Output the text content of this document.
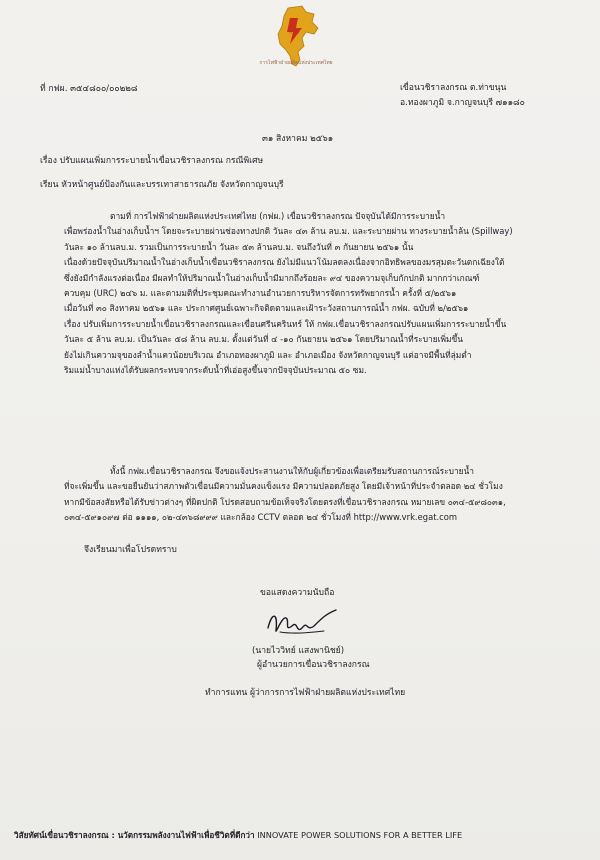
กฟผ
การไฟฟ้าฝ่ายผลิตแห่งประเทศไทย
ที่ กฟผ. ๓๕๔๘๐๐/๐๐๒๒๘	เขื่อนวชิราลงกรณ ต.ท่าขนุน
อ.ทองผาภูมิ จ.กาญจนบุรี ๗๑๑๘๐
๓๑ สิงหาคม ๒๕๖๑
เรื่อง ปรับแผนเพิ่มการระบายน้ำเขื่อนวชิราลงกรณ กรณีพิเศษ
เรียน หัวหน้าศูนย์ป้องกันและบรรเทาสาธารณภัย จังหวัดกาญจนบุรี
ตามที่ การไฟฟ้าฝ่ายผลิตแห่งประเทศไทย (กฟผ.) เขื่อนวชิราลงกรณ ปัจจุบันได้มีการระบายน้ำ
เพื่อพร่องน้ำในอ่างเก็บน้ำฯ โดยจะระบายผ่านช่องทางปกติ วันละ ๔๓ ล้าน ลบ.ม. และระบายผ่าน ทางระบายน้ำล้น (Spillway)
วันละ ๑๐ ล้านลบ.ม. รวมเป็นการระบายน้ำ วันละ ๕๓ ล้านลบ.ม. จนถึงวันที่ ๓ กันยายน ๒๕๖๑ นั้น
เนื่องด้วยปัจจุบันปริมาณน้ำในอ่างเก็บน้ำเขื่อนวชิราลงกรณ ยังไม่มีแนวโน้มลดลงเนื่องจากอิทธิพลของมรสุมตะวันตกเฉียงใต้
ซึ่งยังมีกำลังแรงต่อเนื่อง มีผลทำให้ปริมาณน้ำในอ่างเก็บน้ำมีมากถึงร้อยละ ๙๔ ของความจุเก็บกักปกติ มากกว่าเกณฑ์
ควบคุม (URC) ๒๔๖ ม. และตามมติที่ประชุมคณะทำงานอำนวยการบริหารจัดการทรัพยากรน้ำ ครั้งที่ ๕/๒๕๖๑
เมื่อวันที่ ๓๐ สิงหาคม ๒๕๖๑ และ ประกาศศูนย์เฉพาะกิจติดตามและเฝ้าระวังสถานการณ์น้ำ กฟผ. ฉบับที่ ๒/๒๕๖๑
เรื่อง ปรับเพิ่มการระบายน้ำเขื่อนวชิราลงกรณและเขื่อนศรีนครินทร์ ให้ กฟผ.เขื่อนวชิราลงกรณปรับแผนเพิ่มการระบายน้ำขึ้น
วันละ ๕ ล้าน ลบ.ม. เป็นวันละ ๕๘ ล้าน ลบ.ม. ตั้งแต่วันที่ ๔ -๑๐ กันยายน ๒๕๖๑ โดยปริมาณน้ำที่ระบายเพิ่มขึ้น
ยังไม่เกินความจุของลำน้ำแควน้อยบริเวณ อำเภอทองผาภูมิ และ อำเภอเมือง จังหวัดกาญจนบุรี แต่อาจมีพื้นที่ลุ่มต่ำ
ริมแม่น้ำบางแห่งได้รับผลกระทบจากระดับน้ำที่เอ่อสูงขึ้นจากปัจจุบันประมาณ ๕๐ ซม.
ทั้งนี้ กฟผ.เขื่อนวชิราลงกรณ จึงขอแจ้งประสานงานให้กับผู้เกี่ยวข้องเพื่อเตรียมรับสถานการณ์ระบายน้ำ
ที่จะเพิ่มขึ้น และขอยืนยันว่าสภาพตัวเขื่อนมีความมั่นคงแข็งแรง มีความปลอดภัยสูง โดยมีเจ้าหน้าที่ประจำตลอด ๒๔ ชั่วโมง
หากมีข้อสงสัยหรือได้รับข่าวต่างๆ ที่ผิดปกติ โปรดสอบถามข้อเท็จจริงโดยตรงที่เขื่อนวชิราลงกรณ หมายเลข ๐๓๔-๕๙๘๐๓๑,
๐๓๔-๕๙๑๐๙๗ ต่อ ๑๑๑๑, ๐๒-๔๓๖๘๙๙๙ และกล้อง CCTV ตลอด ๒๔ ชั่วโมงที่ http://www.vrk.egat.com
จึงเรียนมาเพื่อโปรดทราบ
ขอแสดงความนับถือ
(นายไววิทย์ แสงพานิชย์)
ผู้อำนวยการเขื่อนวชิราลงกรณ
ทำการแทน ผู้ว่าการการไฟฟ้าฝ่ายผลิตแห่งประเทศไทย
วิสัยทัศน์เขื่อนวชิราลงกรณ : นวัตกรรมพลังงานไฟฟ้าเพื่อชีวิตที่ดีกว่า INNOVATE POWER SOLUTIONS FOR A BETTER LIFE
